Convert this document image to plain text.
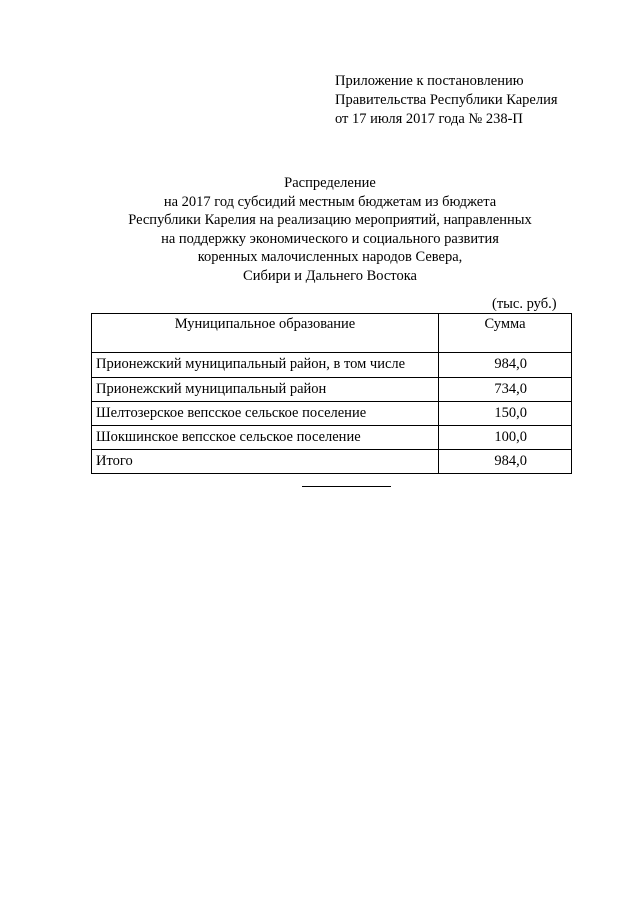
Приложение к постановлению
Правительства Республики Карелия
от 17 июля 2017 года № 238-П
Распределение
на 2017 год субсидий местным бюджетам из бюджета
Республики Карелия на реализацию мероприятий, направленных
на поддержку экономического и социального развития
коренных малочисленных народов Севера,
Сибири и Дальнего Востока
(тыс. руб.)
Муниципальное образование	Сумма
Прионежский муниципальный район, в том числе	984,0
Прионежский муниципальный район	734,0
Шелтозерское вепсское сельское поселение	150,0
Шокшинское вепсское сельское поселение	100,0
Итого	984,0
